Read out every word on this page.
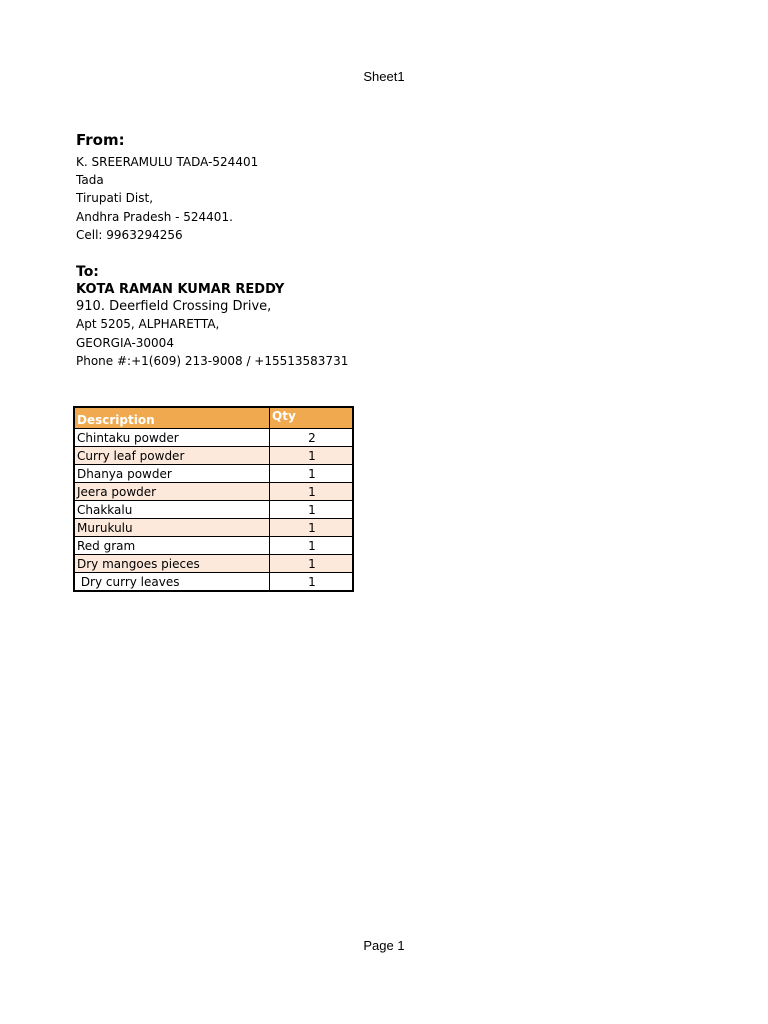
Sheet1
From:
K. SREERAMULU TADA-524401
Tada
Tirupati Dist,
Andhra Pradesh - 524401.
Cell: 9963294256
To:
KOTA RAMAN KUMAR REDDY
910. Deerfield Crossing Drive,
Apt 5205, ALPHARETTA,
GEORGIA-30004
Phone #:+1(609) 213-9008 / +15513583731
Description	Qty
Chintaku powder	2
Curry leaf powder	1
Dhanya powder	1
Jeera powder	1
Chakkalu	1
Murukulu	1
Red gram	1
Dry mangoes pieces	1
Dry curry leaves	1
Page 1
